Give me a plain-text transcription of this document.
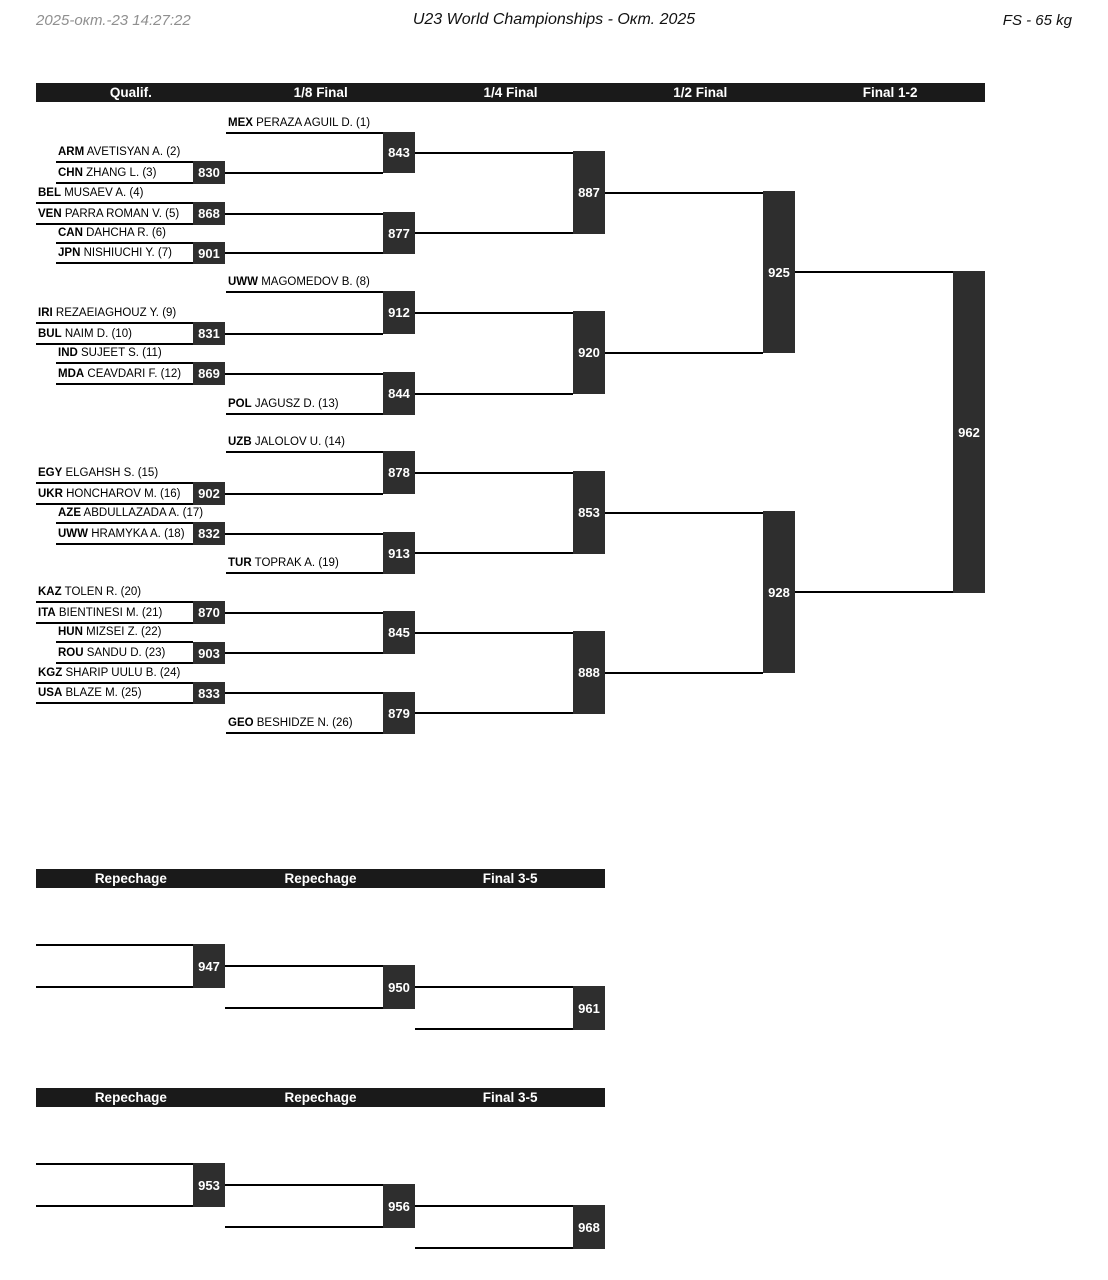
2025-окт.-23 14:27:22	U23 World Championships - Окт. 2025	FS - 65 kg
Qualif.	1/8 Final	1/4 Final	1/2 Final	Final 1-2
MEX PERAZA AGUIL D. (1)
ARM AVETISYAN A. (2)
CHN ZHANG L. (3)
BEL MUSAEV A. (4)
VEN PARRA ROMAN V. (5)
CAN DAHCHA R. (6)
JPN NISHIUCHI Y. (7)
UWW MAGOMEDOV B. (8)
IRI REZAEIAGHOUZ Y. (9)
BUL NAIM D. (10)
IND SUJEET S. (11)
MDA CEAVDARI F. (12)
POL JAGUSZ D. (13)
UZB JALOLOV U. (14)
EGY ELGAHSH S. (15)
UKR HONCHAROV M. (16)
AZE ABDULLAZADA A. (17)
UWW HRAMYKA A. (18)
TUR TOPRAK A. (19)
KAZ TOLEN R. (20)
ITA BIENTINESI M. (21)
HUN MIZSEI Z. (22)
ROU SANDU D. (23)
KGZ SHARIP UULU B. (24)
USA BLAZE M. (25)
GEO BESHIDZE N. (26)
830
868
901
831
869
902
832
870
903
833
843
877
912
844
878
913
845
879
887
920
853
888
925
928
962
Repechage	Repechage	Final 3-5
947
950
961
Repechage	Repechage	Final 3-5
953
956
968
